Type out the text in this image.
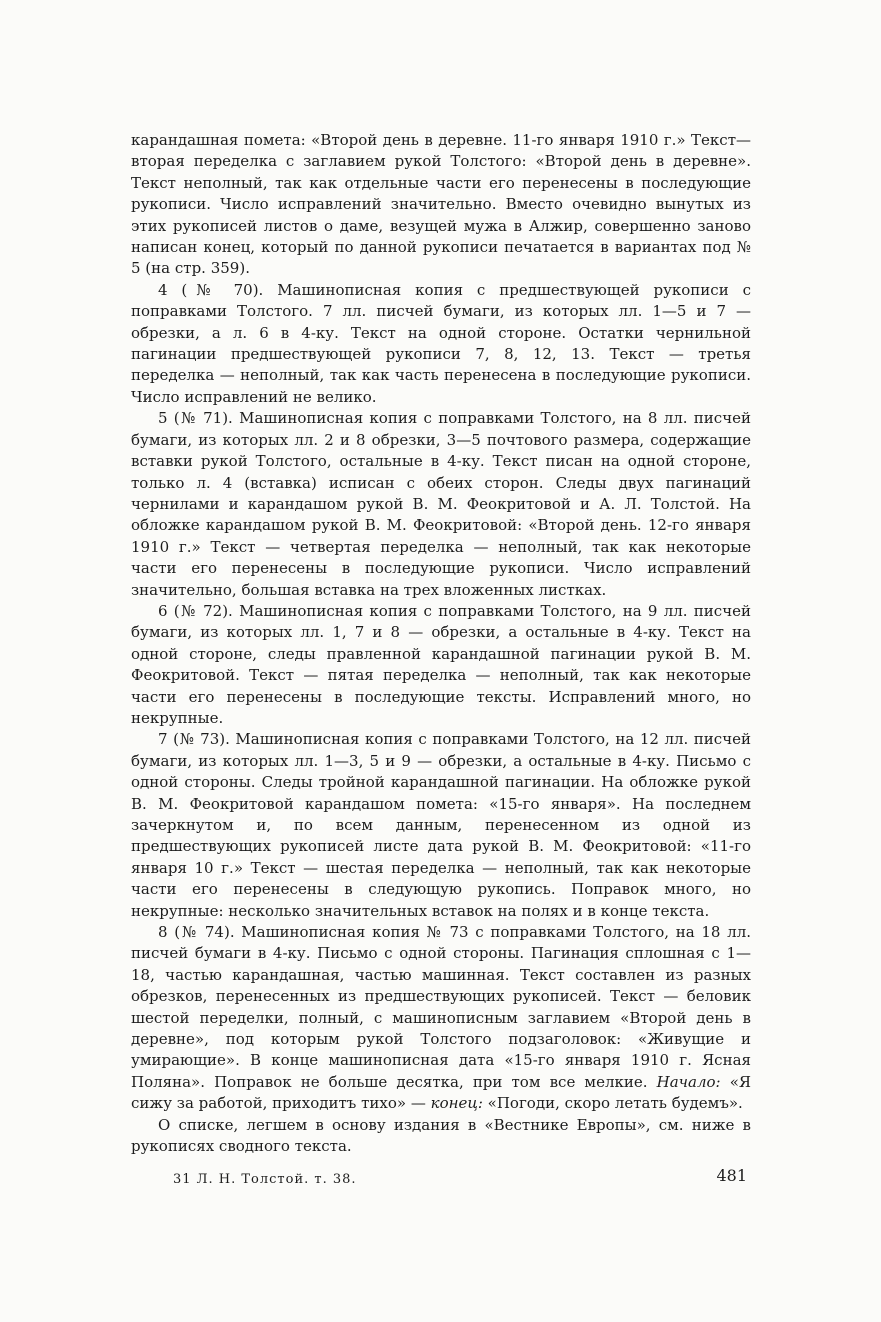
карандашная помета: «Второй день в деревне. 11-го января 1910 г.» Текст— вторая переделка с заглавием рукой Толстого: «Второй день в деревне». Текст неполный, так как отдельные части его перенесены в последующие рукописи. Число исправлений значительно. Вместо очевидно вынутых из этих рукописей листов о даме, везущей мужа в Алжир, совершенно заново написан конец, который по данной рукописи печатается в вариантах под № 5 (на стр. 359).

4 (№ 70). Машинописная копия с предшествующей рукописи с поправками Толстого. 7 лл. писчей бумаги, из которых лл. 1—5 и 7 — обрезки, а л. 6 в 4-ку. Текст на одной стороне. Остатки чернильной пагинации предшествующей рукописи 7, 8, 12, 13. Текст — третья переделка — неполный, так как часть перенесена в последующие рукописи. Число исправлений не велико.

5 (№ 71). Машинописная копия с поправками Толстого, на 8 лл. писчей бумаги, из которых лл. 2 и 8 обрезки, 3—5 почтового размера, содержащие вставки рукой Толстого, остальные в 4-ку. Текст писан на одной стороне, только л. 4 (вставка) исписан с обеих сторон. Следы двух пагинаций чернилами и карандашом рукой В. М. Феокритовой и А. Л. Толстой. На обложке карандашом рукой В. М. Феокритовой: «Второй день. 12-го января 1910 г.» Текст — четвертая переделка — неполный, так как некоторые части его перенесены в последующие рукописи. Число исправлений значительно, большая вставка на трех вложенных листках.

6 (№ 72). Машинописная копия с поправками Толстого, на 9 лл. писчей бумаги, из которых лл. 1, 7 и 8 — обрезки, а остальные в 4-ку. Текст на одной стороне, следы правленной карандашной пагинации рукой В. М. Феокритовой. Текст — пятая переделка — неполный, так как некоторые части его перенесены в последующие тексты. Исправлений много, но некрупные.

7 (№ 73). Машинописная копия с поправками Толстого, на 12 лл. писчей бумаги, из которых лл. 1—3, 5 и 9 — обрезки, а остальные в 4-ку. Письмо с одной стороны. Следы тройной карандашной пагинации. На обложке рукой В. М. Феокритовой карандашом помета: «15-го января». На последнем зачеркнутом и, по всем данным, перенесенном из одной из предшествующих рукописей листе дата рукой В. М. Феокритовой: «11-го января 10 г.» Текст — шестая переделка — неполный, так как некоторые части его перенесены в следующую рукопись. Поправок много, но некрупные: несколько значительных вставок на полях и в конце текста.

8 (№ 74). Машинописная копия № 73 с поправками Толстого, на 18 лл. писчей бумаги в 4-ку. Письмо с одной стороны. Пагинация сплошная с 1—18, частью карандашная, частью машинная. Текст составлен из разных обрезков, перенесенных из предшествующих рукописей. Текст — беловик шестой переделки, полный, с машинописным заглавием «Второй день в деревне», под которым рукой Толстого подзаголовок: «Живущие и умирающие». В конце машинописная дата «15-го января 1910 г. Ясная Поляна». Поправок не больше десятка, при том все мелкие. Начало: «Я сижу за работой, приходитъ тихо» — конец: «Погоди, скоро летать будемъ».

О списке, легшем в основу издания в «Вестнике Европы», см. ниже в рукописях сводного текста.

31 Л. Н. Толстой. т. 38.	481
